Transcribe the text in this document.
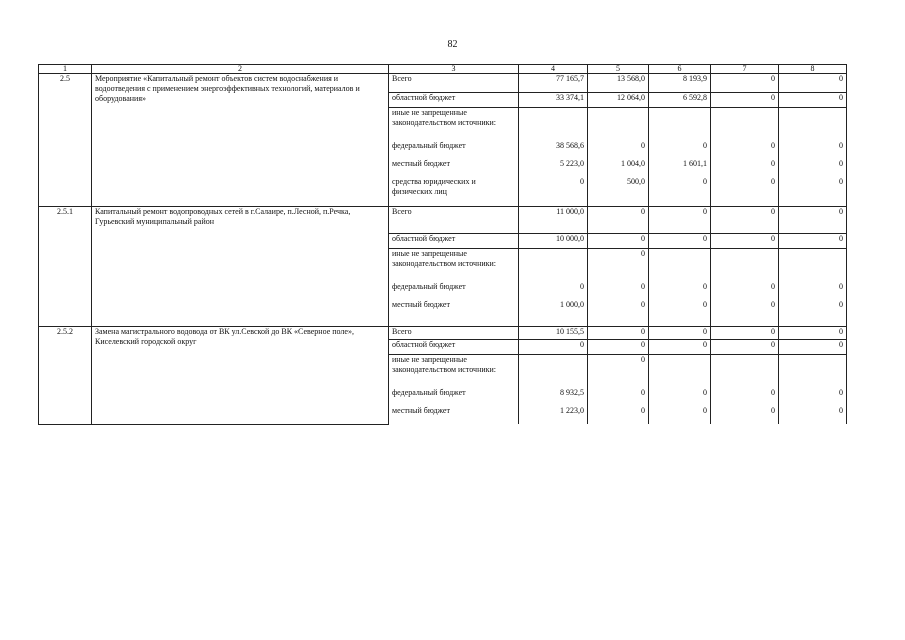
82
1	2	3	4	5	6	7	8
2.5	Мероприятие «Капитальный ремонт объектов систем водоснабжения и водоотведения с применением энергоэффективных технологий, материалов и оборудования»	Всего	77 165,7	13 568,0	8 193,9	0	0
		областной бюджет	33 374,1	12 064,0	6 592,8	0	0
		иные не запрещенные законодательством источники:					
		федеральный бюджет	38 568,6	0	0	0	0
		местный бюджет	5 223,0	1 004,0	1 601,1	0	0
		средства юридических и физических лиц	0	500,0	0	0	0
2.5.1	Капитальный ремонт водопроводных сетей в г.Салаире, п.Лесной, п.Речка, Гурьевский муниципальный район	Всего	11 000,0	0	0	0	0
		областной бюджет	10 000,0	0	0	0	0
		иные не запрещенные законодательством источники:		0			
		федеральный бюджет	0	0	0	0	0
		местный бюджет	1 000,0	0	0	0	0
2.5.2	Замена магистрального водовода от ВК ул.Севской до ВК «Северное поле», Киселевский городской округ	Всего	10 155,5	0	0	0	0
		областной бюджет	0	0	0	0	0
		иные не запрещенные законодательством источники:		0			
		федеральный бюджет	8 932,5	0	0	0	0
		местный бюджет	1 223,0	0	0	0	0
